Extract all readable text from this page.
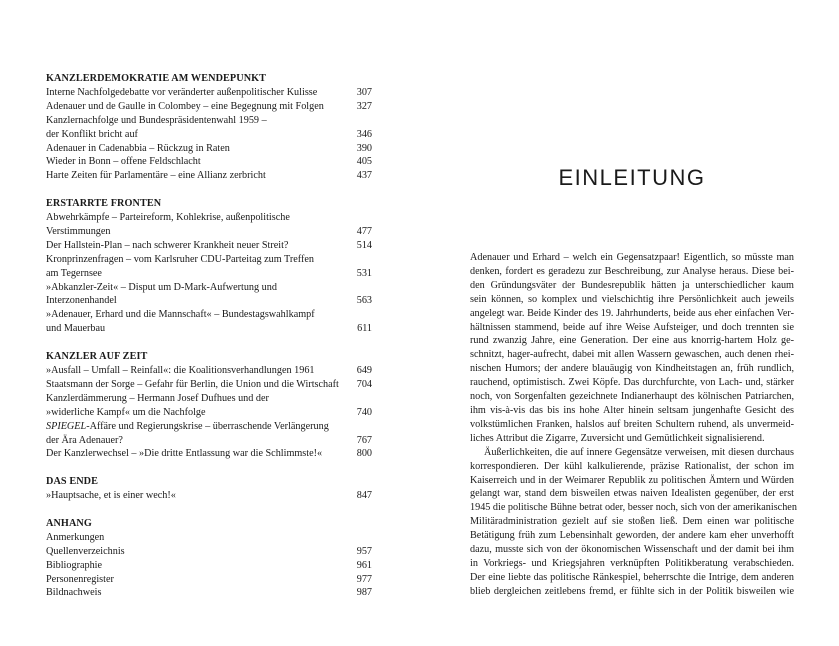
KANZLERDEMOKRATIE AM WENDEPUNKT
Interne Nachfolgedebatte vor veränderter außenpolitischer Kulisse	307
Adenauer und de Gaulle in Colombey – eine Begegnung mit Folgen	327
Kanzlernachfolge und Bundespräsidentenwahl 1959 –
der Konflikt bricht auf	346
Adenauer in Cadenabbia – Rückzug in Raten	390
Wieder in Bonn – offene Feldschlacht	405
Harte Zeiten für Parlamentäre – eine Allianz zerbricht	437
ERSTARRTE FRONTEN
Abwehrkämpfe – Parteireform, Kohlekrise, außenpolitische
Verstimmungen	477
Der Hallstein-Plan – nach schwerer Krankheit neuer Streit?	514
Kronprinzenfragen – vom Karlsruher CDU-Parteitag zum Treffen
am Tegernsee	531
»Abkanzler-Zeit« – Disput um D-Mark-Aufwertung und
Interzonenhandel	563
»Adenauer, Erhard und die Mannschaft« – Bundestagswahlkampf
und Mauerbau	611
KANZLER AUF ZEIT
»Ausfall – Umfall – Reinfall«: die Koalitionsverhandlungen 1961	649
Staatsmann der Sorge – Gefahr für Berlin, die Union und die Wirtschaft	704
Kanzlerdämmerung – Hermann Josef Dufhues und der
»widerliche Kampf« um die Nachfolge	740
SPIEGEL-Affäre und Regierungskrise – überraschende Verlängerung
der Ära Adenauer?	767
Der Kanzlerwechsel – »Die dritte Entlassung war die Schlimmste!«	800
DAS ENDE
»Hauptsache, et is einer wech!«	847
ANHANG
Anmerkungen
Quellenverzeichnis	957
Bibliographie	961
Personenregister	977
Bildnachweis	987
EINLEITUNG
Adenauer und Erhard – welch ein Gegensatzpaar! Eigentlich, so müsste man
denken, fordert es geradezu zur Beschreibung, zur Analyse heraus. Diese bei-
den Gründungsväter der Bundesrepublik hätten ja unterschiedlicher kaum
sein können, so komplex und vielschichtig ihre Persönlichkeit auch jeweils
angelegt war. Beide Kinder des 19. Jahrhunderts, beide aus eher einfachen Ver-
hältnissen stammend, beide auf ihre Weise Aufsteiger, und doch trennten sie
rund zwanzig Jahre, eine Generation. Der eine aus knorrig-hartem Holz ge-
schnitzt, hager-aufrecht, dabei mit allen Wassern gewaschen, auch denen rhei-
nischen Humors; der andere blauäugig von Kindheitstagen an, früh rundlich,
rauchend, optimistisch. Zwei Köpfe. Das durchfurchte, von Lach- und, stärker
noch, von Sorgenfalten gezeichnete Indianerhaupt des kölnischen Patriarchen,
ihm vis-à-vis das bis ins hohe Alter hinein seltsam jungenhafte Gesicht des
volkstümlichen Franken, halslos auf breiten Schultern ruhend, als unvermeid-
liches Attribut die Zigarre, Zuversicht und Gemütlichkeit signalisierend.
Äußerlichkeiten, die auf innere Gegensätze verweisen, mit diesen durchaus
korrespondieren. Der kühl kalkulierende, präzise Rationalist, der schon im
Kaiserreich und in der Weimarer Republik zu politischen Ämtern und Würden
gelangt war, stand dem bisweilen etwas naiven Idealisten gegenüber, der erst
1945 die politische Bühne betrat oder, besser noch, sich von der amerikanischen
Militäradministration gezielt auf sie stoßen ließ. Dem einen war politische
Betätigung früh zum Lebensinhalt geworden, der andere kam eher unverhofft
dazu, musste sich von der ökonomischen Wissenschaft und der damit bei ihm
in Vorkriegs- und Kriegsjahren verknüpften Politikberatung verabschieden.
Der eine liebte das politische Ränkespiel, beherrschte die Intrige, dem anderen
blieb dergleichen zeitlebens fremd, er fühlte sich in der Politik bisweilen wie
